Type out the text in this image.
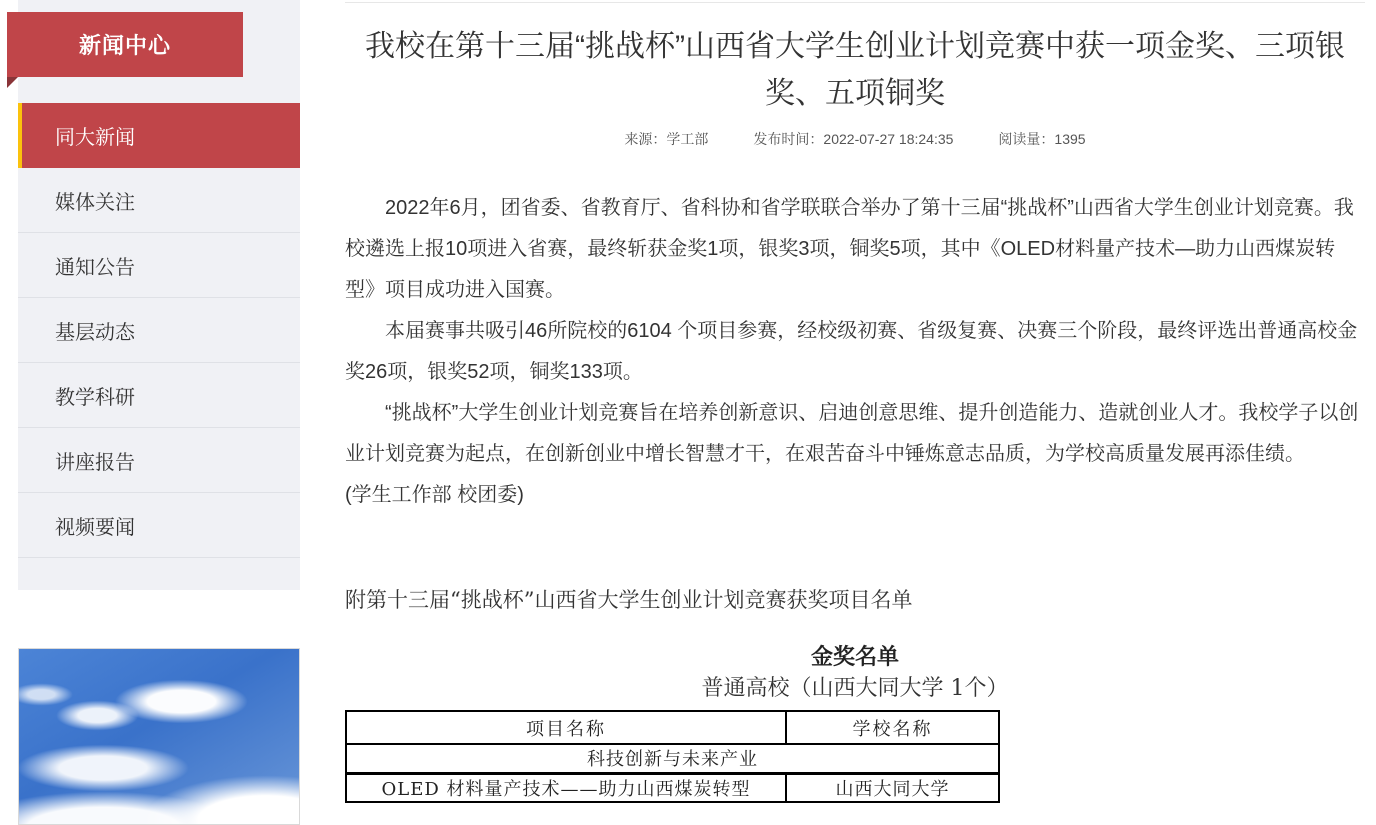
新闻中心
同大新闻
媒体关注
通知公告
基层动态
教学科研
讲座报告
视频要闻
我校在第十三届“挑战杯”山西省大学生创业计划竞赛中获一项金奖、三项银奖、五项铜奖
来源：学工部	发布时间：2022-07-27 18:24:35	阅读量：1395

2022年6月，团省委、省教育厅、省科协和省学联联合举办了第十三届“挑战杯”山西省大学生创业计划竞赛。我校遴选上报10项进入省赛，最终斩获金奖1项，银奖3项，铜奖5项，其中《OLED材料量产技术—助力山西煤炭转型》项目成功进入国赛。

本届赛事共吸引46所院校的6104 个项目参赛，经校级初赛、省级复赛、决赛三个阶段，最终评选出普通高校金奖26项，银奖52项，铜奖133项。

“挑战杯”大学生创业计划竞赛旨在培养创新意识、启迪创意思维、提升创造能力、造就创业人才。我校学子以创业计划竞赛为起点，在创新创业中增长智慧才干，在艰苦奋斗中锤炼意志品质，为学校高质量发展再添佳绩。

(学生工作部 校团委)

附第十三届“挑战杯”山西省大学生创业计划竞赛获奖项目名单
金奖名单
普通高校（山西大同大学 1个）
项目名称	学校名称
科技创新与未来产业	
OLED 材料量产技术——助力山西煤炭转型	山西大同大学
